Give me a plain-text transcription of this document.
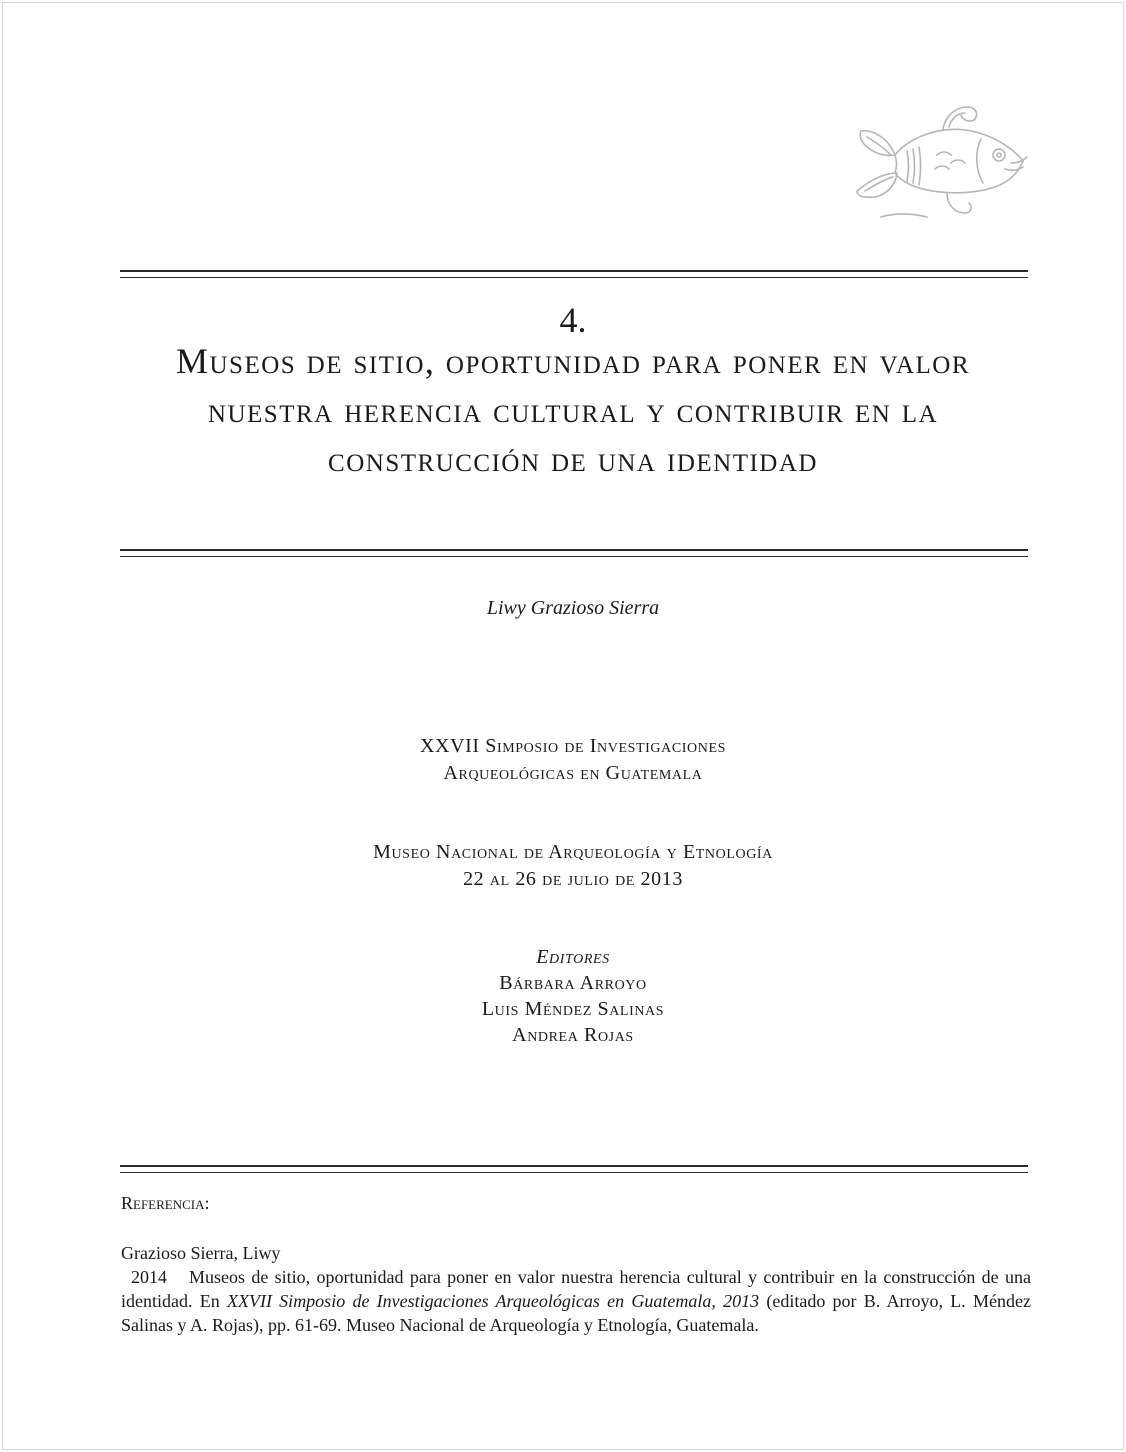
4.
Museos de sitio, oportunidad para poner en valor nuestra herencia cultural y contribuir en la construcción de una identidad
Liwy Grazioso Sierra
XXVII Simposio de Investigaciones
Arqueológicas en Guatemala
Museo Nacional de Arqueología y Etnología
22 al 26 de julio de 2013
Editores
Bárbara Arroyo
Luis Méndez Salinas
Andrea Rojas
Referencia:

Grazioso Sierra, Liwy

2014 Museos de sitio, oportunidad para poner en valor nuestra herencia cultural y contribuir en la construcción de una identidad. En XXVII Simposio de Investigaciones Arqueológicas en Guatemala, 2013 (editado por B. Arroyo, L. Méndez Salinas y A. Rojas), pp. 61-69. Museo Nacional de Arqueología y Etnología, Guatemala.
